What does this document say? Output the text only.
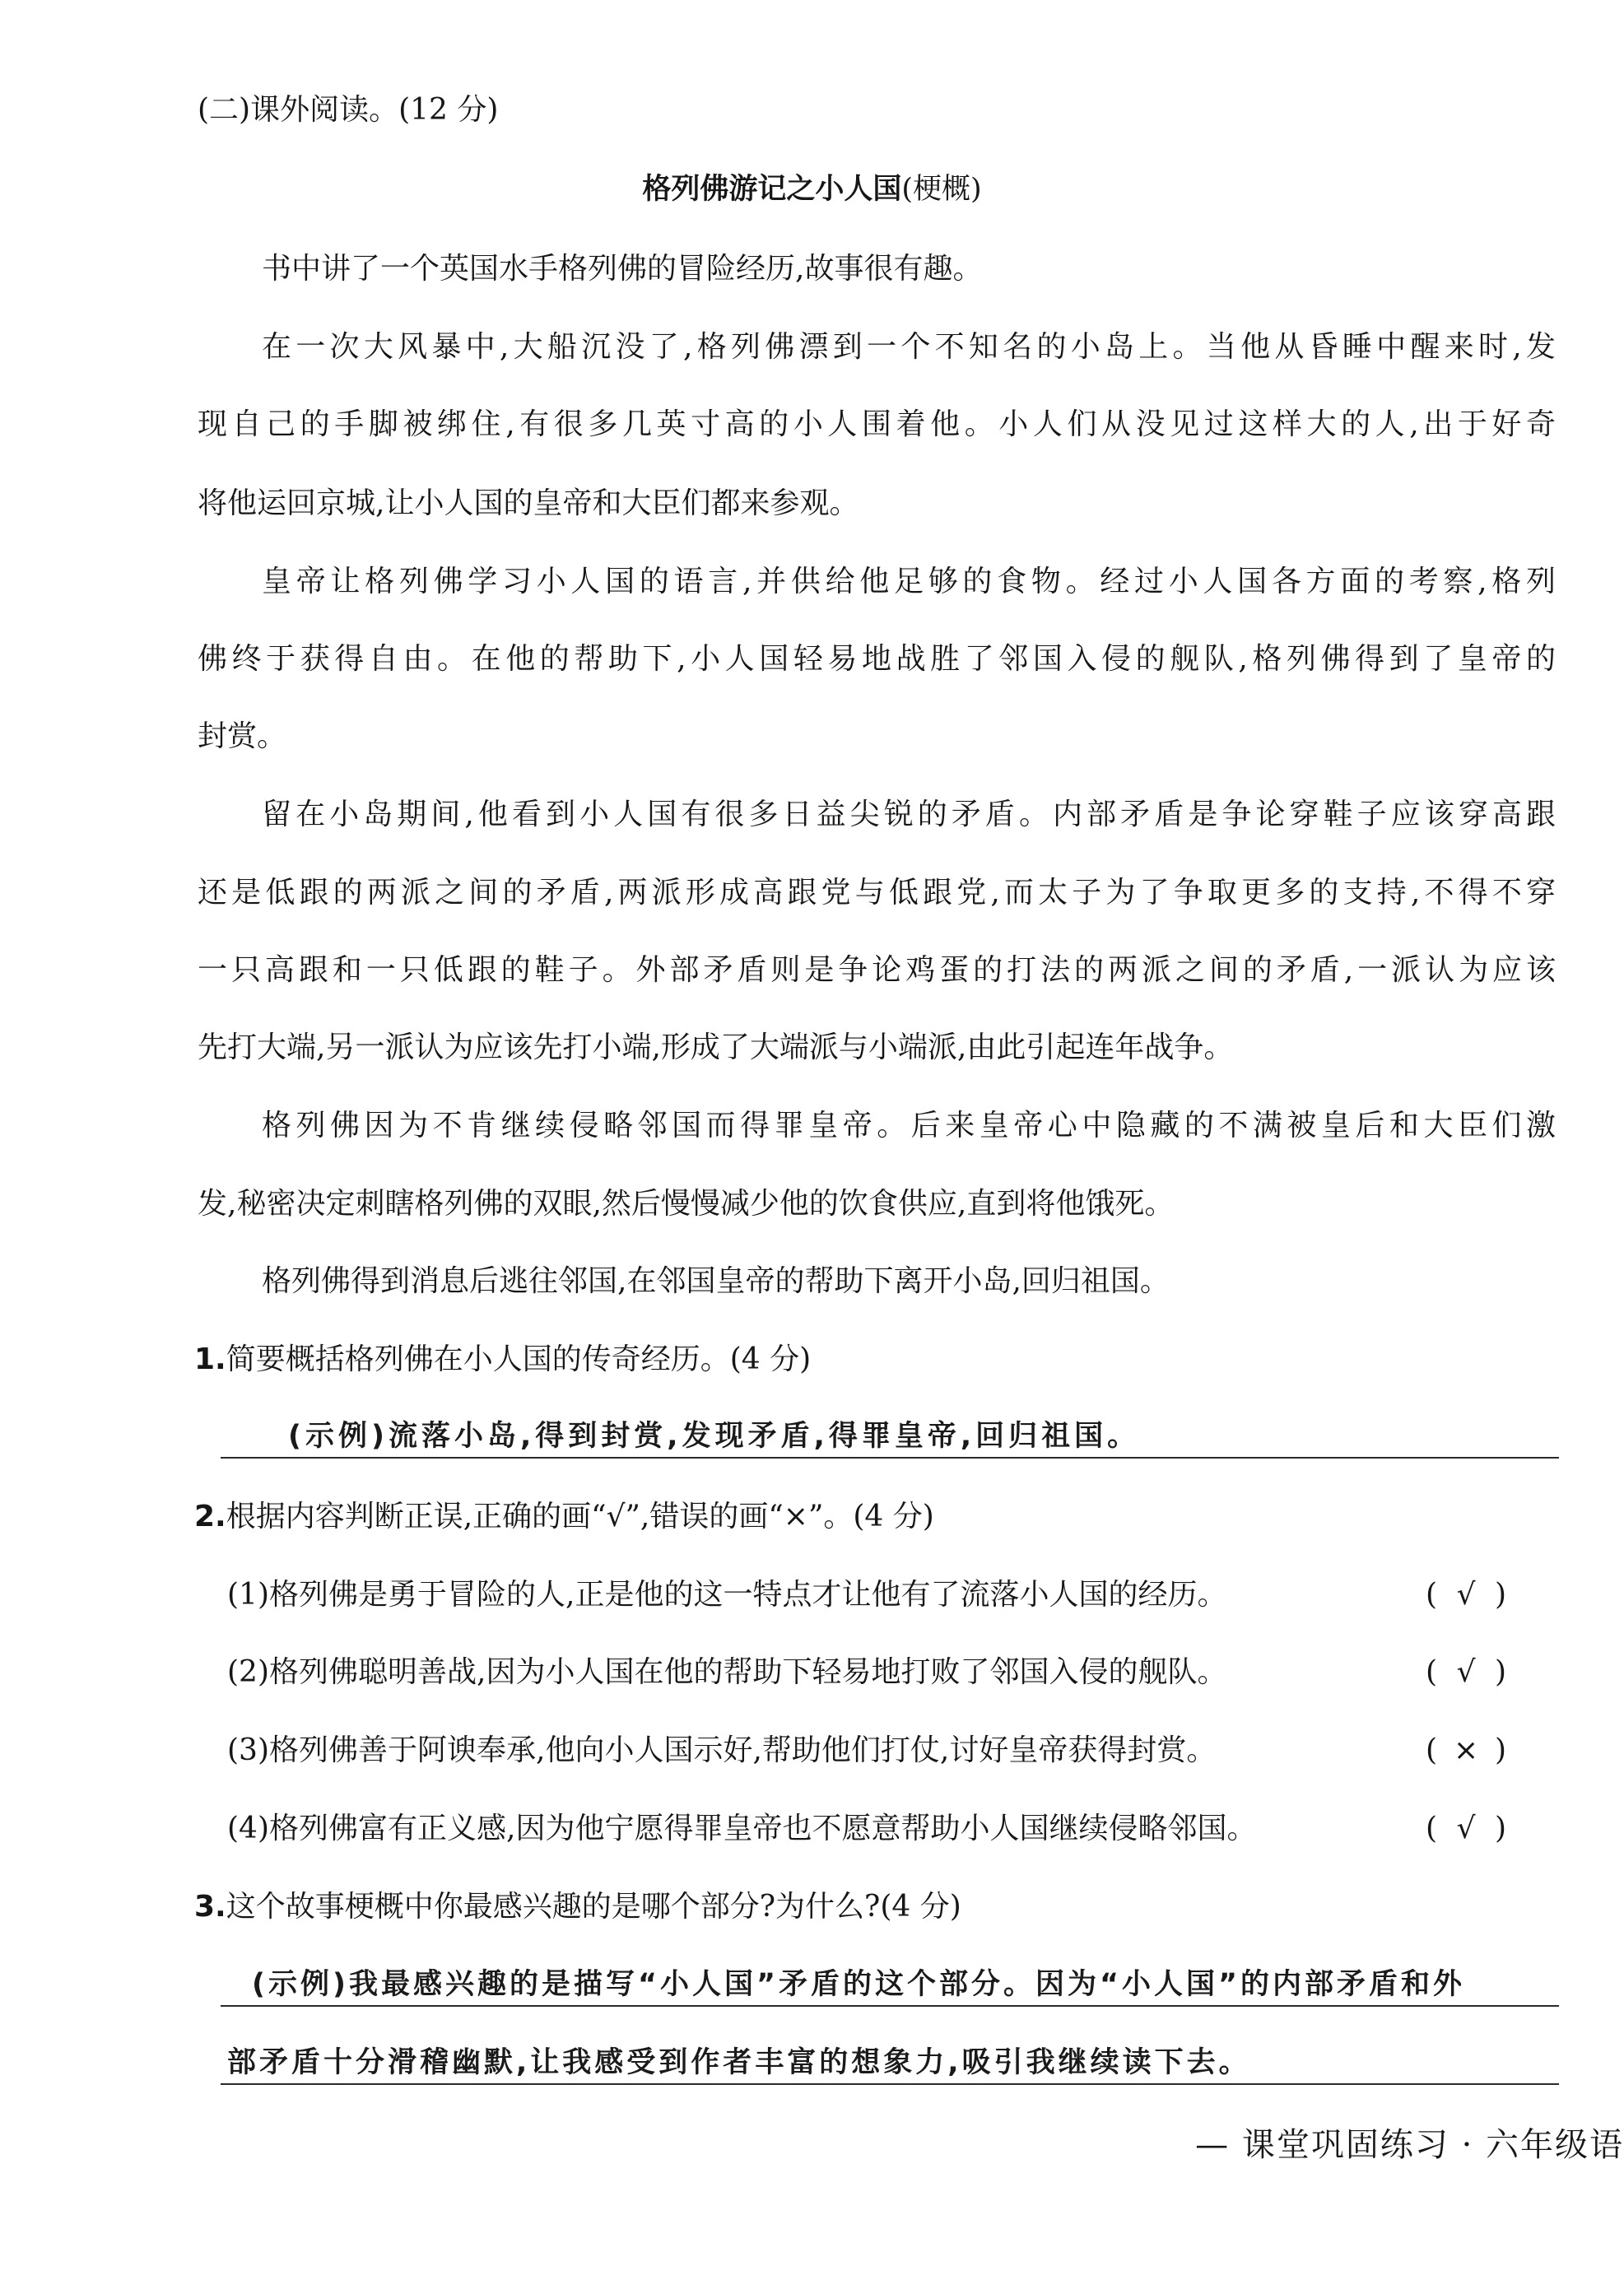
(二)课外阅读。(12 分)
格列佛游记之小人国(梗概)
书中讲了一个英国水手格列佛的冒险经历,故事很有趣。
在一次大风暴中,大船沉没了,格列佛漂到一个不知名的小岛上。当他从昏睡中醒来时,发
现自己的手脚被绑住,有很多几英寸高的小人围着他。小人们从没见过这样大的人,出于好奇
将他运回京城,让小人国的皇帝和大臣们都来参观。
皇帝让格列佛学习小人国的语言,并供给他足够的食物。经过小人国各方面的考察,格列
佛终于获得自由。在他的帮助下,小人国轻易地战胜了邻国入侵的舰队,格列佛得到了皇帝的
封赏。
留在小岛期间,他看到小人国有很多日益尖锐的矛盾。内部矛盾是争论穿鞋子应该穿高跟
还是低跟的两派之间的矛盾,两派形成高跟党与低跟党,而太子为了争取更多的支持,不得不穿
一只高跟和一只低跟的鞋子。外部矛盾则是争论鸡蛋的打法的两派之间的矛盾,一派认为应该
先打大端,另一派认为应该先打小端,形成了大端派与小端派,由此引起连年战争。
格列佛因为不肯继续侵略邻国而得罪皇帝。后来皇帝心中隐藏的不满被皇后和大臣们激
发,秘密决定刺瞎格列佛的双眼,然后慢慢减少他的饮食供应,直到将他饿死。
格列佛得到消息后逃往邻国,在邻国皇帝的帮助下离开小岛,回归祖国。
1.简要概括格列佛在小人国的传奇经历。(4 分)
(示例)流落小岛,得到封赏,发现矛盾,得罪皇帝,回归祖国。
2.根据内容判断正误,正确的画“√”,错误的画“×”。(4 分)
(1)格列佛是勇于冒险的人,正是他的这一特点才让他有了流落小人国的经历。	( √ )
(2)格列佛聪明善战,因为小人国在他的帮助下轻易地打败了邻国入侵的舰队。	( √ )
(3)格列佛善于阿谀奉承,他向小人国示好,帮助他们打仗,讨好皇帝获得封赏。	( × )
(4)格列佛富有正义感,因为他宁愿得罪皇帝也不愿意帮助小人国继续侵略邻国。	( √ )
3.这个故事梗概中你最感兴趣的是哪个部分?为什么?(4 分)
(示例)我最感兴趣的是描写“小人国”矛盾的这个部分。因为“小人国”的内部矛盾和外
部矛盾十分滑稽幽默,让我感受到作者丰富的想象力,吸引我继续读下去。
— 课堂巩固练习 · 六年级语
